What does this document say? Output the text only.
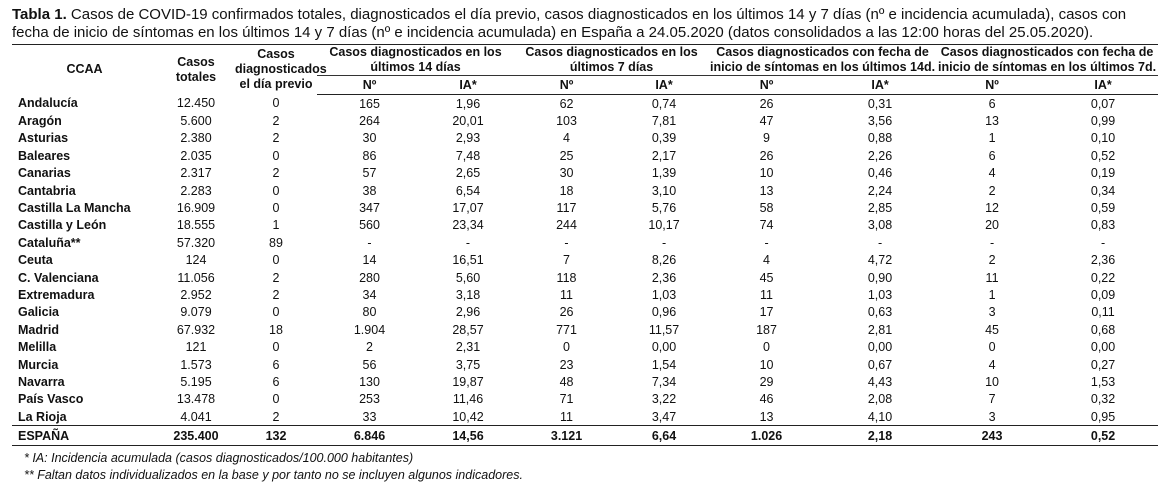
Tabla 1. Casos de COVID-19 confirmados totales, diagnosticados el día previo, casos diagnosticados en los últimos 14 y 7 días (nº e incidencia acumulada), casos con fecha de inicio de síntomas en los últimos 14 y 7 días (nº e incidencia acumulada) en España a 24.05.2020 (datos consolidados a las 12:00 horas del 25.05.2020).
CCAA	Casos totales	Casos diagnosticados el día previo	Casos diagnosticados en los últimos 14 días		Casos diagnosticados en los últimos 7 días		Casos diagnosticados con fecha de inicio de síntomas en los últimos 14d.		Casos diagnosticados con fecha de inicio de síntomas en los últimos 7d.	
			Nº	IA*	Nº	IA*	Nº	IA*	Nº	IA*
Andalucía	12.450	0	165	1,96	62	0,74	26	0,31	6	0,07
Aragón	5.600	2	264	20,01	103	7,81	47	3,56	13	0,99
Asturias	2.380	2	30	2,93	4	0,39	9	0,88	1	0,10
Baleares	2.035	0	86	7,48	25	2,17	26	2,26	6	0,52
Canarias	2.317	2	57	2,65	30	1,39	10	0,46	4	0,19
Cantabria	2.283	0	38	6,54	18	3,10	13	2,24	2	0,34
Castilla La Mancha	16.909	0	347	17,07	117	5,76	58	2,85	12	0,59
Castilla y León	18.555	1	560	23,34	244	10,17	74	3,08	20	0,83
Cataluña**	57.320	89	-	-	-	-	-	-	-	-
Ceuta	124	0	14	16,51	7	8,26	4	4,72	2	2,36
C. Valenciana	11.056	2	280	5,60	118	2,36	45	0,90	11	0,22
Extremadura	2.952	2	34	3,18	11	1,03	11	1,03	1	0,09
Galicia	9.079	0	80	2,96	26	0,96	17	0,63	3	0,11
Madrid	67.932	18	1.904	28,57	771	11,57	187	2,81	45	0,68
Melilla	121	0	2	2,31	0	0,00	0	0,00	0	0,00
Murcia	1.573	6	56	3,75	23	1,54	10	0,67	4	0,27
Navarra	5.195	6	130	19,87	48	7,34	29	4,43	10	1,53
País Vasco	13.478	0	253	11,46	71	3,22	46	2,08	7	0,32
La Rioja	4.041	2	33	10,42	11	3,47	13	4,10	3	0,95
ESPAÑA	235.400	132	6.846	14,56	3.121	6,64	1.026	2,18	243	0,52
* IA: Incidencia acumulada (casos diagnosticados/100.000 habitantes)
** Faltan datos individualizados en la base y por tanto no se incluyen algunos indicadores.
